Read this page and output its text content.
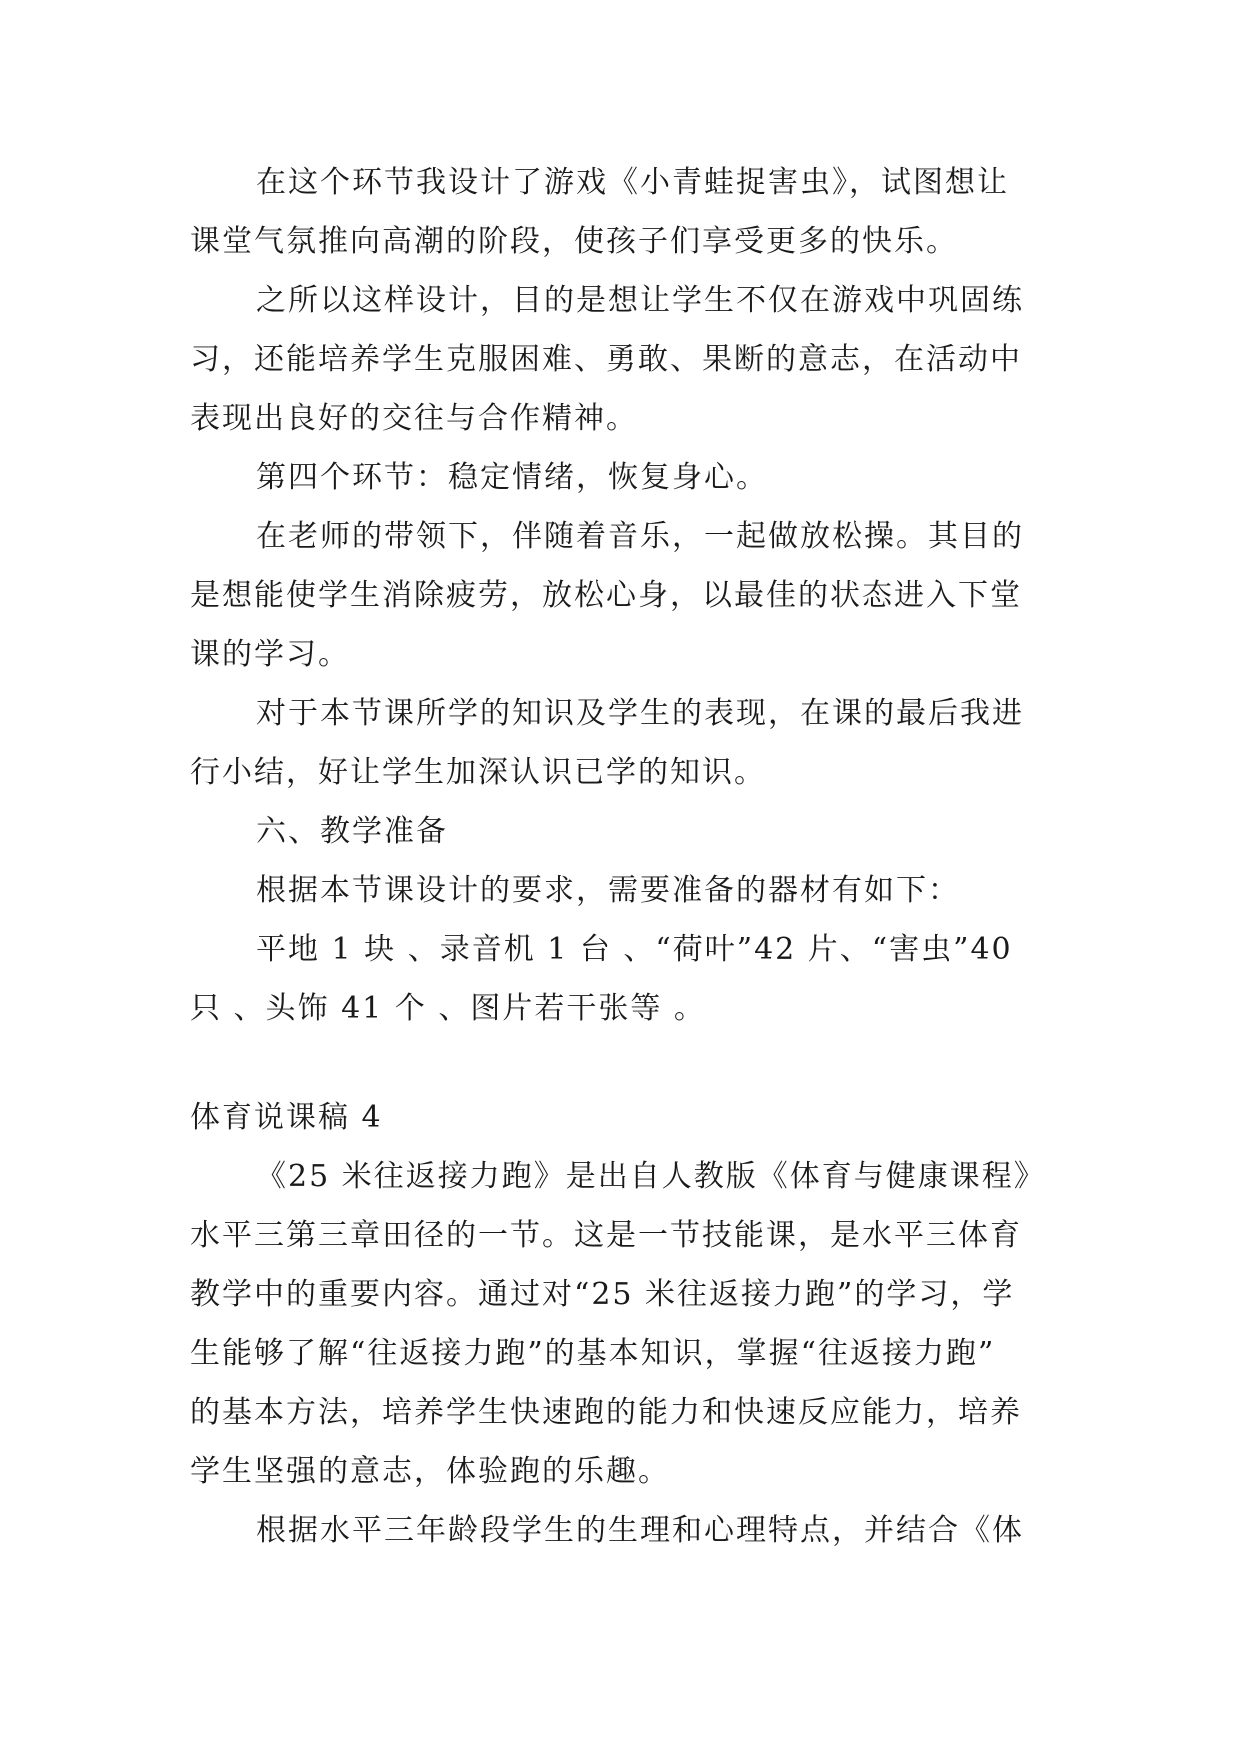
在这个环节我设计了游戏《小青蛙捉害虫》，试图想让
课堂气氛推向高潮的阶段，使孩子们享受更多的快乐。
之所以这样设计，目的是想让学生不仅在游戏中巩固练
习，还能培养学生克服困难、勇敢、果断的意志，在活动中
表现出良好的交往与合作精神。
第四个环节：稳定情绪，恢复身心。
在老师的带领下，伴随着音乐，一起做放松操。其目的
是想能使学生消除疲劳，放松心身，以最佳的状态进入下堂
课的学习。
对于本节课所学的知识及学生的表现，在课的最后我进
行小结，好让学生加深认识已学的知识。
六、教学准备
根据本节课设计的要求，需要准备的器材有如下：
平地 1 块 、录音机 1 台 、“荷叶”42 片、“害虫”40
只 、头饰 41 个 、图片若干张等 。
体育说课稿 4
《25 米往返接力跑》是出自人教版《体育与健康课程》
水平三第三章田径的一节。这是一节技能课，是水平三体育
教学中的重要内容。通过对“25 米往返接力跑”的学习，学
生能够了解“往返接力跑”的基本知识，掌握“往返接力跑”
的基本方法，培养学生快速跑的能力和快速反应能力，培养
学生坚强的意志，体验跑的乐趣。
根据水平三年龄段学生的生理和心理特点，并结合《体
